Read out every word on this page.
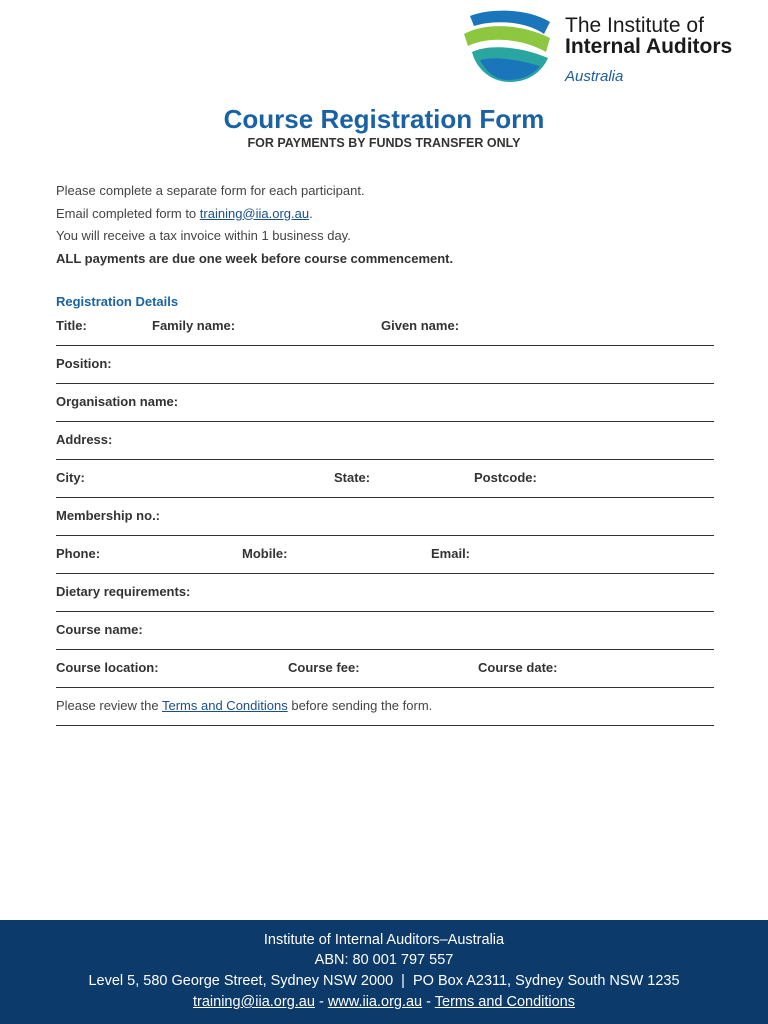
The Institute of
Internal Auditors
Australia
Course Registration Form
FOR PAYMENTS BY FUNDS TRANSFER ONLY

Please complete a separate form for each participant.

Email completed form to training@iia.org.au.

You will receive a tax invoice within 1 business day.

ALL payments are due one week before course commencement.

Registration Details
Title:	Family name:	Given name:
Position:
Organisation name:
Address:
City:	State:	Postcode:
Membership no.:
Phone:	Mobile:	Email:
Dietary requirements:
Course name:
Course location:	Course fee:	Course date:
Please review the Terms and Conditions before sending the form.
Institute of Internal Auditors–Australia
ABN: 80 001 797 557
Level 5, 580 George Street, Sydney NSW 2000  |  PO Box A2311, Sydney South NSW 1235
training@iia.org.au - www.iia.org.au - Terms and Conditions
